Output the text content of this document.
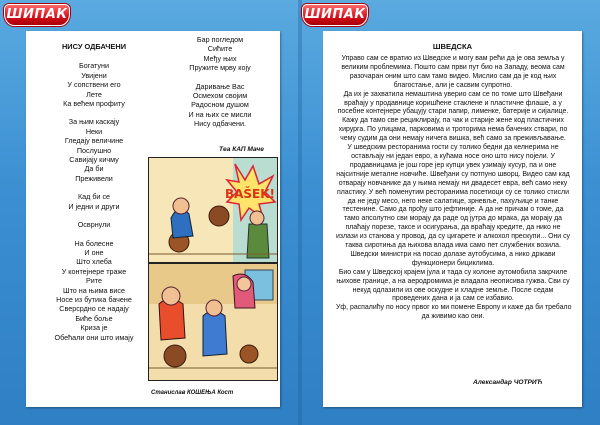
ШИПАК
НИСУ ОДБАЧЕНИ
Богатуни
Увијени
У сопствени его
Лете
Ка већем профиту
За њим каскају
Неки
Гледају величине
Послушно
Савијају кичму
Да би
Преживели
Кад би се
И једни и други
Осврнули
На болесне
И оне
Што хлеба
У контејнере траже
Рите
Што на њима висе
Носе из бутика бачене
Сверсрдно се надају
Биће боље
Криза је
Обећали они што имају
Бар погледом
Сићите
Међу њих
Пружите мрву коју
Даривање Вас
Осмехом својим
Радосном душом
И на њих се мисли
Нису одбачени.
Тea КАП Маче
BAŠEK!
Станислав КОШЕЊА Кост
ШИПАК
ШВЕДСКА
Управо сам се вратио из Шведске и могу вам рећи да је ова земља у
великим проблемима. Пошто сам први пут био на Западу, веома сам
разочаран оним што сам тамо видео. Мислио сам да је код њих
благостање, али је сасвим супротно.
Да их је захватила немаштина уверио сам се по томе што Швеђани
враћају у продавнице коришћене стаклене и пластичне флаше, а у
посебне контејнере убацују стари папир, лименке, батерије и сијалице.
Кажу да тамо све рециклирају, па чак и старије жене код пластичних
хирурга. По улицама, парковима и троторима нема бачених ствари, по
чему судим да они немају ничега вишка, већ само за преживљавање.
У шведским ресторанима гости су толико бедни да келнерима не
остављају ни један евро, а кућама носе оно што нису појели. У
продавницама је још горе јер купци увек узимају кусур, па и оне
најситније металне новчиће. Швеђани су потпуно шворц. Видео сам кад
отварају новчанике да у њима немају ни двадесет евра, већ само неку
пластику. У већ поменутим ресторанима посетиоци су се толико стисли
да не једу месо, него неке салатице, зрневље, пахуљице и танке
тестенине. Само да прођу што јефтиније. А да не причам о томе, да
тамо апсолутно сви морају да раде од јутра до мрака, да морају да
плаћају порезе, таксе и осигурања, да враћају кредите, да нико не
излази из станова у провод, да су цигарете и алкохол прескупи... Они су
таква сиротиња да њихова влада има само пет службених возила.
Шведски министри на посао долазе аутобусима, а нико држави
функционери бициклима.
Био сам у Шведској крајем јула и тада су колоне аутомобила закрчиле
њихове границе, а на аеродромима је владала неописива гужва. Сви су
некуд одлазили из ове оскудне и хладне земље. После седам
проведених дана и ја сам се избавио.
Уф, распалићу по носу првог ко ми помене Европу и каже да би требало
да живимо као они.
Александар ЧОТРИЋ
